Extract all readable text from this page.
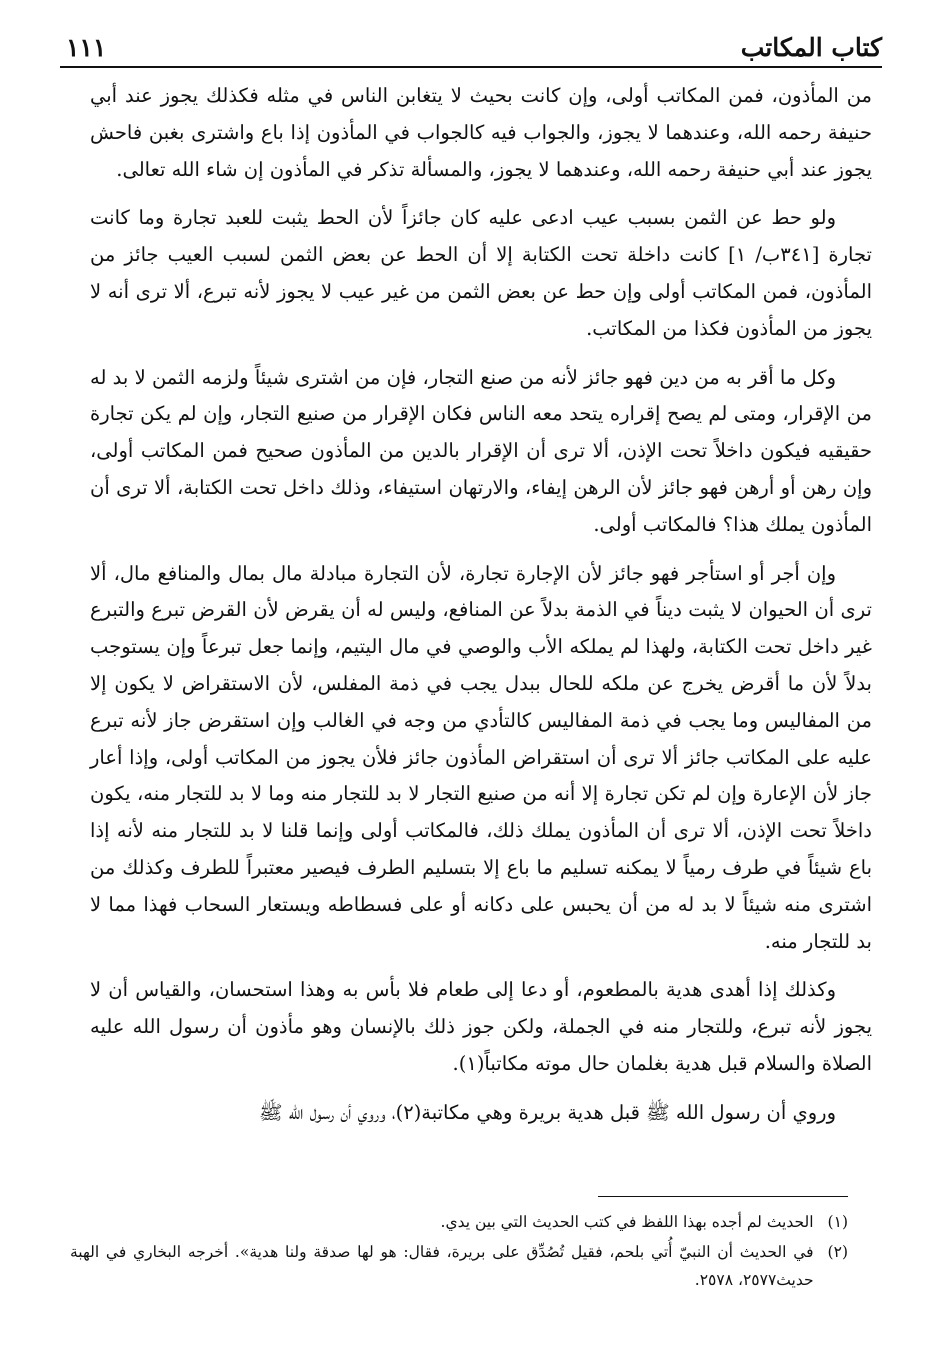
كتاب المكاتب
١١١

من المأذون، فمن المكاتب أولى، وإن كانت بحيث لا يتغابن الناس في مثله فكذلك يجوز عند أبي حنيفة رحمه الله، وعندهما لا يجوز، والجواب فيه كالجواب في المأذون إذا باع واشترى بغبن فاحش يجوز عند أبي حنيفة رحمه الله، وعندهما لا يجوز، والمسألة تذكر في المأذون إن شاء الله تعالى.

ولو حط عن الثمن بسبب عيب ادعى عليه كان جائزاً لأن الحط يثبت للعبد تجارة وما كانت تجارة [٣٤١ب/ ١] كانت داخلة تحت الكتابة إلا أن الحط عن بعض الثمن لسبب العيب جائز من المأذون، فمن المكاتب أولى وإن حط عن بعض الثمن من غير عيب لا يجوز لأنه تبرع، ألا ترى أنه لا يجوز من المأذون فكذا من المكاتب.

وكل ما أقر به من دين فهو جائز لأنه من صنع التجار، فإن من اشترى شيئاً ولزمه الثمن لا بد له من الإقرار، ومتى لم يصح إقراره يتحد معه الناس فكان الإقرار من صنيع التجار، وإن لم يكن تجارة حقيقيه فيكون داخلاً تحت الإذن، ألا ترى أن الإقرار بالدين من المأذون صحيح فمن المكاتب أولى، وإن رهن أو أرهن فهو جائز لأن الرهن إيفاء، والارتهان استيفاء، وذلك داخل تحت الكتابة، ألا ترى أن المأذون يملك هذا؟ فالمكاتب أولى.

وإن أجر أو استأجر فهو جائز لأن الإجارة تجارة، لأن التجارة مبادلة مال بمال والمنافع مال، ألا ترى أن الحيوان لا يثبت ديناً في الذمة بدلاً عن المنافع، وليس له أن يقرض لأن القرض تبرع والتبرع غير داخل تحت الكتابة، ولهذا لم يملكه الأب والوصي في مال اليتيم، وإنما جعل تبرعاً وإن يستوجب بدلاً لأن ما أقرض يخرج عن ملكه للحال ببدل يجب في ذمة المفلس، لأن الاستقراض لا يكون إلا من المفاليس وما يجب في ذمة المفاليس كالتأدي من وجه في الغالب وإن استقرض جاز لأنه تبرع عليه على المكاتب جائز ألا ترى أن استقراض المأذون جائز فلأن يجوز من المكاتب أولى، وإذا أعار جاز لأن الإعارة وإن لم تكن تجارة إلا أنه من صنيع التجار لا بد للتجار منه وما لا بد للتجار منه، يكون داخلاً تحت الإذن، ألا ترى أن المأذون يملك ذلك، فالمكاتب أولى وإنما قلنا لا بد للتجار منه لأنه إذا باع شيئاً في طرف رمياً لا يمكنه تسليم ما باع إلا بتسليم الطرف فيصير معتبراً للطرف وكذلك من اشترى منه شيئاً لا بد له من أن يحبس على دكانه أو على فسطاطه ويستعار السحاب فهذا مما لا بد للتجار منه.

وكذلك إذا أهدى هدية بالمطعوم، أو دعا إلى طعام فلا بأس به وهذا استحسان، والقياس أن لا يجوز لأنه تبرع، وللتجار منه في الجملة، ولكن جوز ذلك بالإنسان وهو مأذون أن رسول الله عليه الصلاة والسلام قبل هدية بغلمان حال موته مكاتباً(١).

وروي أن رسول الله ﷺ قبل هدية بريرة وهي مكاتبة(٢)، وروي أن رسول الله ﷺ

(١)
الحديث لم أجده بهذا اللفظ في كتب الحديث التي بين يدي.
(٢)
في الحديث أن النبيّ أُتي بلحم، فقيل تُصُدِّق على بريرة، فقال: هو لها صدقة ولنا هدية». أخرجه البخاري في الهبة حديث٢٥٧٧، ٢٥٧٨.
